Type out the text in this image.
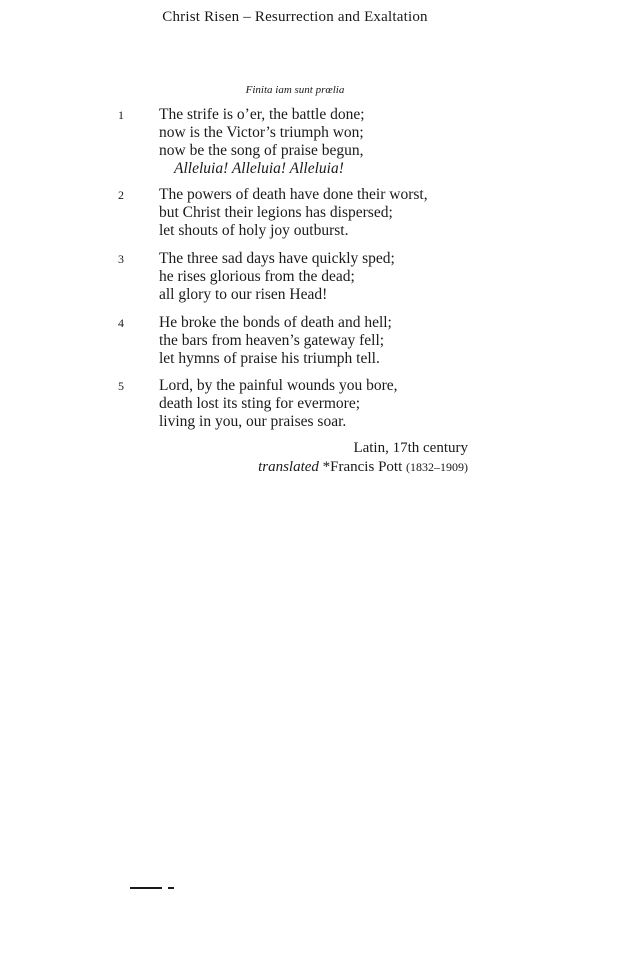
Christ Risen – Resurrection and Exaltation
Finita iam sunt prœlia
1	The strife is o’er, the battle done;
now is the Victor’s triumph won;
now be the song of praise begun,
Alleluia! Alleluia! Alleluia!
2	The powers of death have done their worst,
but Christ their legions has dispersed;
let shouts of holy joy outburst.
3	The three sad days have quickly sped;
he rises glorious from the dead;
all glory to our risen Head!
4	He broke the bonds of death and hell;
the bars from heaven’s gateway fell;
let hymns of praise his triumph tell.
5	Lord, by the painful wounds you bore,
death lost its sting for evermore;
living in you, our praises soar.
Latin, 17th century
translated *Francis Pott (1832–1909)
